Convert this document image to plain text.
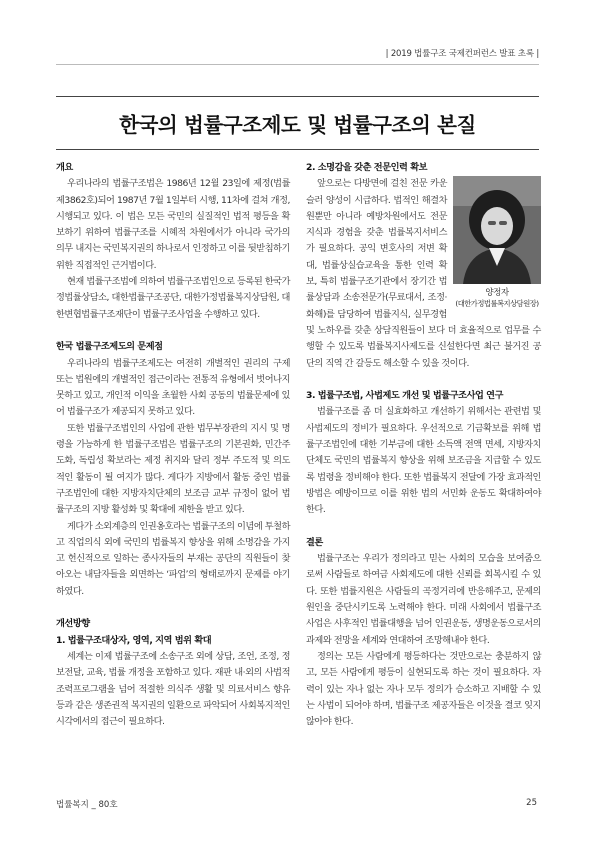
| 2019 법률구조 국제컨퍼런스 발표 초록 |
한국의 법률구조제도 및 법률구조의 본질

개요

우리나라의 법률구조법은 1986년 12월 23일에 제정(법률 제3862호)되어 1987년 7월 1일부터 시행, 11차에 걸쳐 개정, 시행되고 있다. 이 법은 모든 국민의 실질적인 법적 평등을 확보하기 위하여 법률구조를 시혜적 차원에서가 아니라 국가의 의무 내지는 국민복지권의 하나로서 인정하고 이를 뒷받침하기 위한 직접적인 근거법이다.

현재 법률구조법에 의하여 법률구조법인으로 등록된 한국가정법률상담소, 대한법률구조공단, 대한가정법률복지상담원, 대한변협법률구조재단이 법률구조사업을 수행하고 있다.

한국 법률구조제도의 문제점

우리나라의 법률구조제도는 여전히 개별적인 권리의 구제 또는 법원에의 개별적인 접근이라는 전통적 유형에서 벗어나지 못하고 있고, 개인적 이익을 초월한 사회 공동의 법률문제에 있어 법률구조가 제공되지 못하고 있다.

또한 법률구조법인의 사업에 관한 법무부장관의 지시 및 명령을 가능하게 한 법률구조법은 법률구조의 기본권화, 민간주도화, 독립성 확보라는 제정 취지와 달리 정부 주도적 및 의도적인 활동이 될 여지가 많다. 게다가 지방에서 활동 중인 법률구조법인에 대한 지방자치단체의 보조금 교부 규정이 없어 법률구조의 지방 활성화 및 확대에 제한을 받고 있다.

게다가 소외계층의 인권옹호라는 법률구조의 이념에 투철하고 직업의식 외에 국민의 법률복지 향상을 위해 소명감을 가지고 헌신적으로 일하는 종사자들의 부재는 공단의 직원들이 찾아오는 내담자들을 외면하는 ‘파업’의 형태로까지 문제를 야기하였다.

개선방향

1. 법률구조대상자, 영역, 지역 범위 확대

세계는 이제 법률구조에 소송구조 외에 상담, 조언, 조정, 정보전달, 교육, 법률 개정을 포함하고 있다. 재판 내·외의 사법적 조력프로그램을 넘어 적절한 의식주 생활 및 의료서비스 향유 등과 같은 생존권적 복지권의 일환으로 파악되어 사회복지적인 시각에서의 접근이 필요하다.

2. 소명감을 갖춘 전문인력 확보

양정자
(대한가정법률복지상담원장)

앞으로는 다방면에 걸친 전문 카운슬러 양성이 시급하다. 법적인 해결차원뿐만 아니라 예방차원에서도 전문지식과 경험을 갖춘 법률복지서비스가 필요하다. 공익 변호사의 저변 확대, 법률상실습교육을 통한 인력 확보, 특히 법률구조기관에서 장기간 법률상담과 소송전문가(무료대서, 조정·화해)를 담당하여 법률지식, 실무경험 및 노하우를 갖춘 상담직원들이 보다 더 효율적으로 업무를 수행할 수 있도록 법률복지사제도를 신설한다면 최근 불거진 공단의 직역 간 갈등도 해소할 수 있을 것이다.

3. 법률구조법, 사법제도 개선 및 법률구조사업 연구

법률구조를 좀 더 실효화하고 개선하기 위해서는 관련법 및 사법제도의 정비가 필요하다. 우선적으로 기금확보를 위해 법률구조법인에 대한 기부금에 대한 소득액 전액 면세, 지방자치단체도 국민의 법률복지 향상을 위해 보조금을 지급할 수 있도록 법령을 정비해야 한다. 또한 법률복지 전달에 가장 효과적인 방법은 예방이므로 이를 위한 법의 서민화 운동도 확대하여야 한다.

결론

법률구조는 우리가 정의라고 믿는 사회의 모습을 보여줌으로써 사람들로 하여금 사회제도에 대한 신뢰를 회복시킬 수 있다. 또한 법률지원은 사람들의 곡정거리에 반응해주고, 문제의 원인을 중단시키도록 노력해야 한다. 미래 사회에서 법률구조사업은 사후적인 법률대행을 넘어 인권운동, 생명운동으로서의 과제와 전망을 세계와 연대하여 조망해내야 한다.

정의는 모든 사람에게 평등하다는 것만으로는 충분하지 않고, 모든 사람에게 평등이 실현되도록 하는 것이 필요하다. 자력이 있는 자나 없는 자나 모두 정의가 승소하고 지배할 수 있는 사법이 되어야 하며, 법률구조 제공자들은 이것을 결코 잊지 않아야 한다.

법률복지 _ 80호	25
